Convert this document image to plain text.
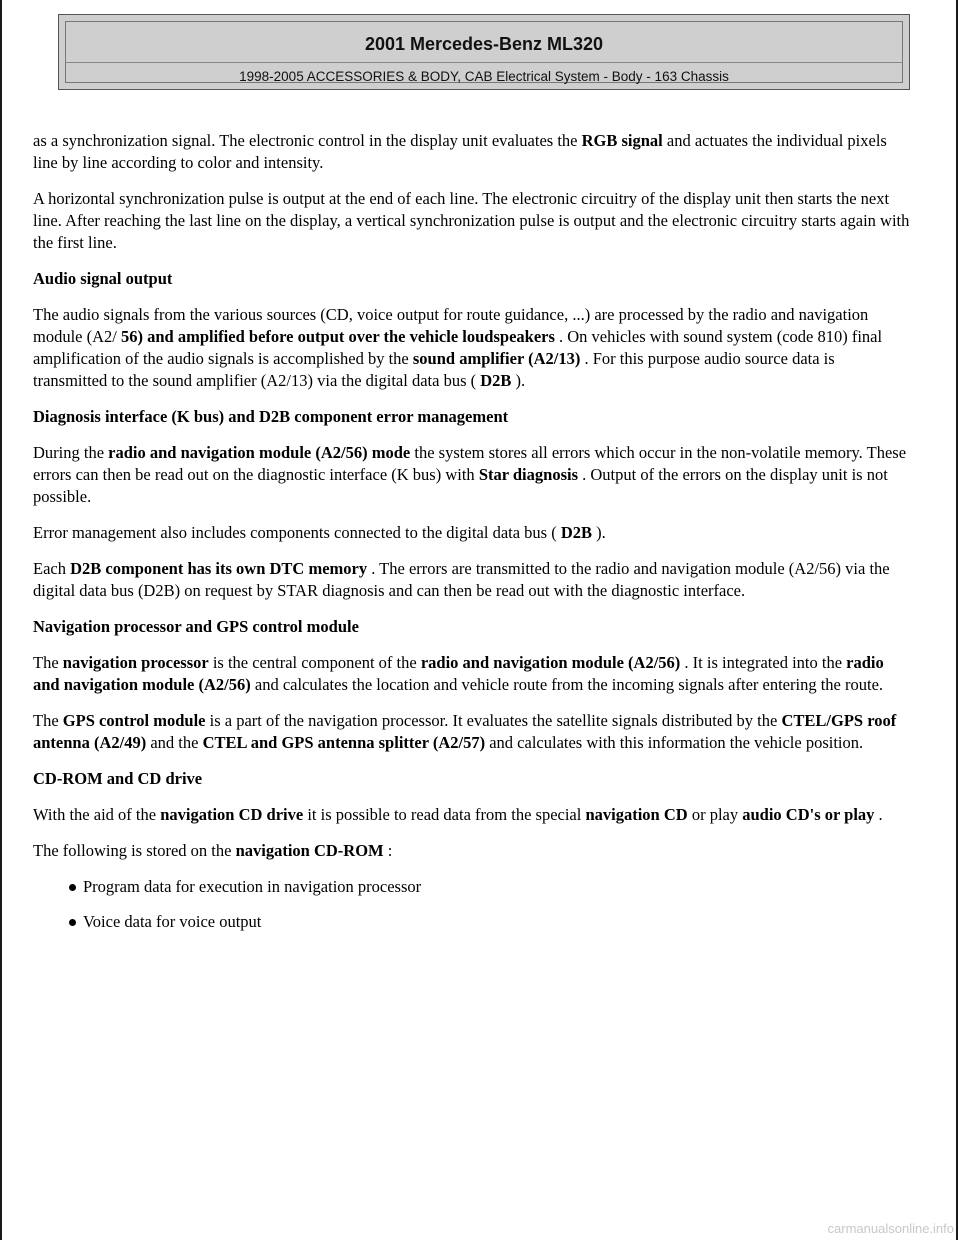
2001 Mercedes-Benz ML320
1998-2005 ACCESSORIES & BODY, CAB Electrical System - Body - 163 Chassis

as a synchronization signal. The electronic control in the display unit evaluates the RGB signal and actuates the individual pixels line by line according to color and intensity.

A horizontal synchronization pulse is output at the end of each line. The electronic circuitry of the display unit then starts the next line. After reaching the last line on the display, a vertical synchronization pulse is output and the electronic circuitry starts again with the first line.

Audio signal output

The audio signals from the various sources (CD, voice output for route guidance, ...) are processed by the radio and navigation module (A2/ 56) and amplified before output over the vehicle loudspeakers . On vehicles with sound system (code 810) final amplification of the audio signals is accomplished by the sound amplifier (A2/13) . For this purpose audio source data is transmitted to the sound amplifier (A2/13) via the digital data bus ( D2B ).

Diagnosis interface (K bus) and D2B component error management

During the radio and navigation module (A2/56) mode the system stores all errors which occur in the non-volatile memory. These errors can then be read out on the diagnostic interface (K bus) with Star diagnosis . Output of the errors on the display unit is not possible.

Error management also includes components connected to the digital data bus ( D2B ).

Each D2B component has its own DTC memory . The errors are transmitted to the radio and navigation module (A2/56) via the digital data bus (D2B) on request by STAR diagnosis and can then be read out with the diagnostic interface.

Navigation processor and GPS control module

The navigation processor is the central component of the radio and navigation module (A2/56) . It is integrated into the radio and navigation module (A2/56) and calculates the location and vehicle route from the incoming signals after entering the route.

The GPS control module is a part of the navigation processor. It evaluates the satellite signals distributed by the CTEL/GPS roof antenna (A2/49) and the CTEL and GPS antenna splitter (A2/57) and calculates with this information the vehicle position.

CD-ROM and CD drive

With the aid of the navigation CD drive it is possible to read data from the special navigation CD or play audio CD's or play .

The following is stored on the navigation CD-ROM :

Program data for execution in navigation processor
Voice data for voice output
carmanualsonline.info
